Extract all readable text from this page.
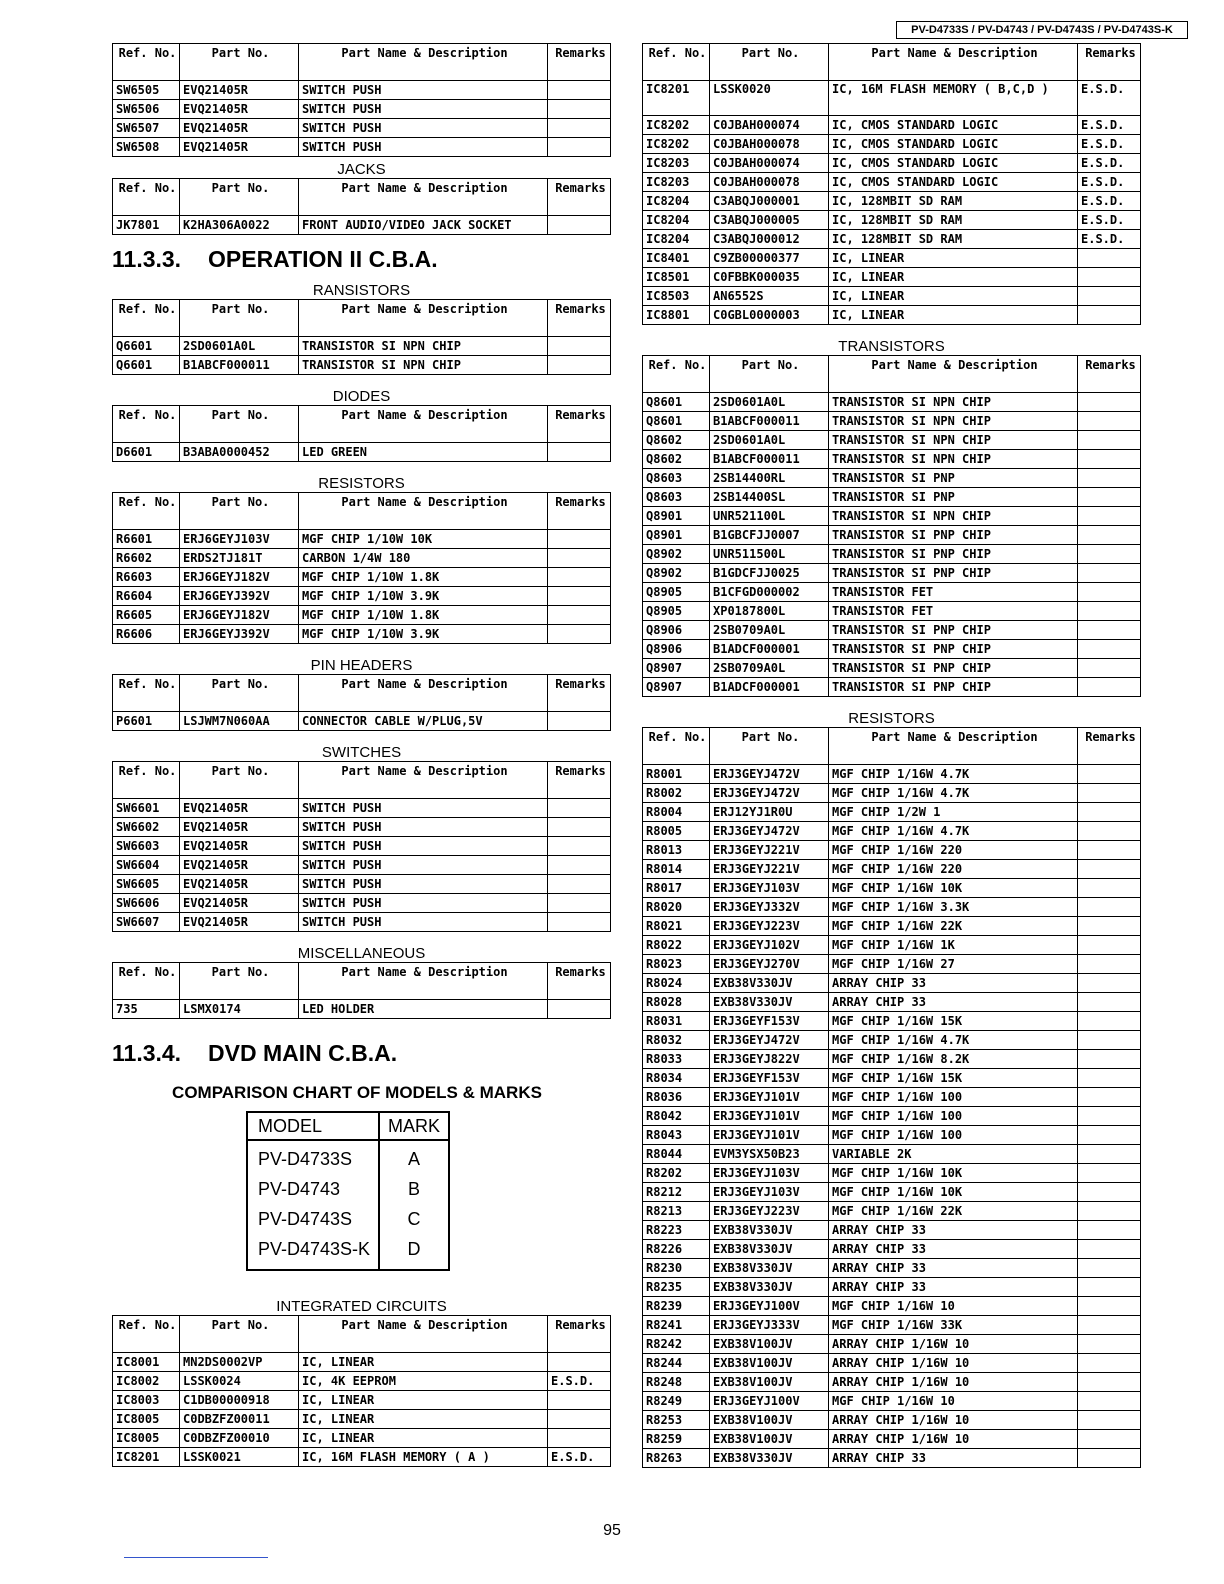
PV-D4733S / PV-D4743 / PV-D4743S / PV-D4743S-K
Ref. No.	Part No.	Part Name & Description	Remarks
SW6505	EVQ21405R	SWITCH PUSH	
SW6506	EVQ21405R	SWITCH PUSH	
SW6507	EVQ21405R	SWITCH PUSH	
SW6508	EVQ21405R	SWITCH PUSH	
JACKS
Ref. No.	Part No.	Part Name & Description	Remarks
JK7801	K2HA306A0022	FRONT AUDIO/VIDEO JACK SOCKET	
11.3.3. OPERATION II C.B.A.
RANSISTORS
Ref. No.	Part No.	Part Name & Description	Remarks
Q6601	2SD0601A0L	TRANSISTOR SI NPN CHIP	
Q6601	B1ABCF000011	TRANSISTOR SI NPN CHIP	
DIODES
Ref. No.	Part No.	Part Name & Description	Remarks
D6601	B3ABA0000452	LED GREEN	
RESISTORS
Ref. No.	Part No.	Part Name & Description	Remarks
R6601	ERJ6GEYJ103V	MGF CHIP 1/10W 10K	
R6602	ERDS2TJ181T	CARBON 1/4W 180	
R6603	ERJ6GEYJ182V	MGF CHIP 1/10W 1.8K	
R6604	ERJ6GEYJ392V	MGF CHIP 1/10W 3.9K	
R6605	ERJ6GEYJ182V	MGF CHIP 1/10W 1.8K	
R6606	ERJ6GEYJ392V	MGF CHIP 1/10W 3.9K	
PIN HEADERS
Ref. No.	Part No.	Part Name & Description	Remarks
P6601	LSJWM7N060AA	CONNECTOR CABLE W/PLUG,5V	
SWITCHES
Ref. No.	Part No.	Part Name & Description	Remarks
SW6601	EVQ21405R	SWITCH PUSH	
SW6602	EVQ21405R	SWITCH PUSH	
SW6603	EVQ21405R	SWITCH PUSH	
SW6604	EVQ21405R	SWITCH PUSH	
SW6605	EVQ21405R	SWITCH PUSH	
SW6606	EVQ21405R	SWITCH PUSH	
SW6607	EVQ21405R	SWITCH PUSH	
MISCELLANEOUS
Ref. No.	Part No.	Part Name & Description	Remarks
735	LSMX0174	LED HOLDER	
11.3.4. DVD MAIN C.B.A.
COMPARISON CHART OF MODELS & MARKS
MODEL	MARK
PV-D4733S	A
PV-D4743	B
PV-D4743S	C
PV-D4743S-K	D
INTEGRATED CIRCUITS
Ref. No.	Part No.	Part Name & Description	Remarks
IC8001	MN2DS0002VP	IC, LINEAR	
IC8002	LSSK0024	IC, 4K EEPROM	E.S.D.
IC8003	C1DB00000918	IC, LINEAR	
IC8005	C0DBZFZ00011	IC, LINEAR	
IC8005	C0DBZFZ00010	IC, LINEAR	
IC8201	LSSK0021	IC, 16M FLASH MEMORY ( A )	E.S.D.
Ref. No.	Part No.	Part Name & Description	Remarks
IC8201	LSSK0020	IC, 16M FLASH MEMORY ( B,C,D )	E.S.D.
IC8202	C0JBAH000074	IC, CMOS STANDARD LOGIC	E.S.D.
IC8202	C0JBAH000078	IC, CMOS STANDARD LOGIC	E.S.D.
IC8203	C0JBAH000074	IC, CMOS STANDARD LOGIC	E.S.D.
IC8203	C0JBAH000078	IC, CMOS STANDARD LOGIC	E.S.D.
IC8204	C3ABQJ000001	IC, 128MBIT SD RAM	E.S.D.
IC8204	C3ABQJ000005	IC, 128MBIT SD RAM	E.S.D.
IC8204	C3ABQJ000012	IC, 128MBIT SD RAM	E.S.D.
IC8401	C9ZB00000377	IC, LINEAR	
IC8501	C0FBBK000035	IC, LINEAR	
IC8503	AN6552S	IC, LINEAR	
IC8801	C0GBL0000003	IC, LINEAR	
TRANSISTORS
Ref. No.	Part No.	Part Name & Description	Remarks
Q8601	2SD0601A0L	TRANSISTOR SI NPN CHIP	
Q8601	B1ABCF000011	TRANSISTOR SI NPN CHIP	
Q8602	2SD0601A0L	TRANSISTOR SI NPN CHIP	
Q8602	B1ABCF000011	TRANSISTOR SI NPN CHIP	
Q8603	2SB14400RL	TRANSISTOR SI PNP	
Q8603	2SB14400SL	TRANSISTOR SI PNP	
Q8901	UNR521100L	TRANSISTOR SI NPN CHIP	
Q8901	B1GBCFJJ0007	TRANSISTOR SI PNP CHIP	
Q8902	UNR511500L	TRANSISTOR SI PNP CHIP	
Q8902	B1GDCFJJ0025	TRANSISTOR SI PNP CHIP	
Q8905	B1CFGD000002	TRANSISTOR FET	
Q8905	XP0187800L	TRANSISTOR FET	
Q8906	2SB0709A0L	TRANSISTOR SI PNP CHIP	
Q8906	B1ADCF000001	TRANSISTOR SI PNP CHIP	
Q8907	2SB0709A0L	TRANSISTOR SI PNP CHIP	
Q8907	B1ADCF000001	TRANSISTOR SI PNP CHIP	
RESISTORS
Ref. No.	Part No.	Part Name & Description	Remarks
R8001	ERJ3GEYJ472V	MGF CHIP 1/16W 4.7K	
R8002	ERJ3GEYJ472V	MGF CHIP 1/16W 4.7K	
R8004	ERJ12YJ1R0U	MGF CHIP 1/2W 1	
R8005	ERJ3GEYJ472V	MGF CHIP 1/16W 4.7K	
R8013	ERJ3GEYJ221V	MGF CHIP 1/16W 220	
R8014	ERJ3GEYJ221V	MGF CHIP 1/16W 220	
R8017	ERJ3GEYJ103V	MGF CHIP 1/16W 10K	
R8020	ERJ3GEYJ332V	MGF CHIP 1/16W 3.3K	
R8021	ERJ3GEYJ223V	MGF CHIP 1/16W 22K	
R8022	ERJ3GEYJ102V	MGF CHIP 1/16W 1K	
R8023	ERJ3GEYJ270V	MGF CHIP 1/16W 27	
R8024	EXB38V330JV	ARRAY CHIP 33	
R8028	EXB38V330JV	ARRAY CHIP 33	
R8031	ERJ3GEYF153V	MGF CHIP 1/16W 15K	
R8032	ERJ3GEYJ472V	MGF CHIP 1/16W 4.7K	
R8033	ERJ3GEYJ822V	MGF CHIP 1/16W 8.2K	
R8034	ERJ3GEYF153V	MGF CHIP 1/16W 15K	
R8036	ERJ3GEYJ101V	MGF CHIP 1/16W 100	
R8042	ERJ3GEYJ101V	MGF CHIP 1/16W 100	
R8043	ERJ3GEYJ101V	MGF CHIP 1/16W 100	
R8044	EVM3YSX50B23	VARIABLE 2K	
R8202	ERJ3GEYJ103V	MGF CHIP 1/16W 10K	
R8212	ERJ3GEYJ103V	MGF CHIP 1/16W 10K	
R8213	ERJ3GEYJ223V	MGF CHIP 1/16W 22K	
R8223	EXB38V330JV	ARRAY CHIP 33	
R8226	EXB38V330JV	ARRAY CHIP 33	
R8230	EXB38V330JV	ARRAY CHIP 33	
R8235	EXB38V330JV	ARRAY CHIP 33	
R8239	ERJ3GEYJ100V	MGF CHIP 1/16W 10	
R8241	ERJ3GEYJ333V	MGF CHIP 1/16W 33K	
R8242	EXB38V100JV	ARRAY CHIP 1/16W 10	
R8244	EXB38V100JV	ARRAY CHIP 1/16W 10	
R8248	EXB38V100JV	ARRAY CHIP 1/16W 10	
R8249	ERJ3GEYJ100V	MGF CHIP 1/16W 10	
R8253	EXB38V100JV	ARRAY CHIP 1/16W 10	
R8259	EXB38V100JV	ARRAY CHIP 1/16W 10	
R8263	EXB38V330JV	ARRAY CHIP 33	
95
